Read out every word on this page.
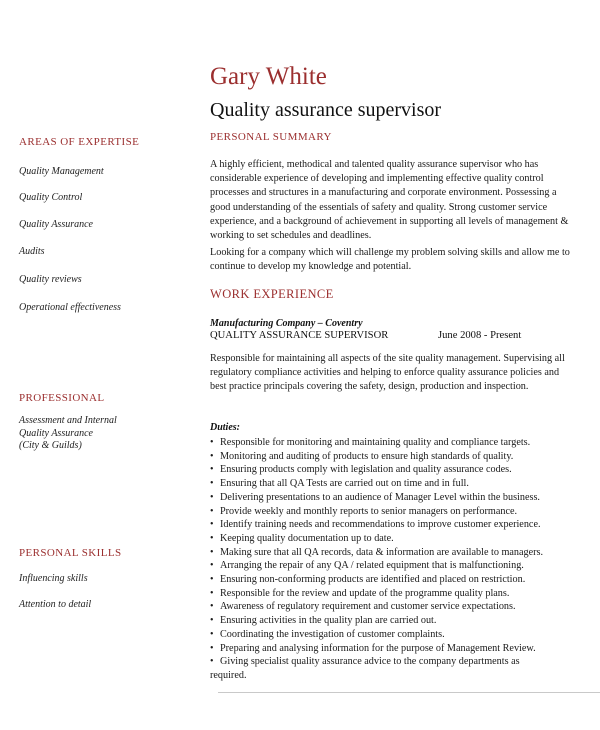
Gary White
Quality assurance supervisor
AREAS OF EXPERTISE
Quality Management
Quality Control
Quality Assurance
Audits
Quality reviews
Operational effectiveness
PROFESSIONAL
Assessment and Internal
Quality Assurance
(City & Guilds)
PERSONAL SKILLS
Influencing skills
Attention to detail
PERSONAL SUMMARY

A highly efficient, methodical and talented quality assurance supervisor who has considerable experience of developing and implementing effective quality control processes and structures in a manufacturing and corporate environment. Possessing a good understanding of the essentials of safety and quality. Strong customer service experience, and a background of achievement in supporting all levels of management & working to set schedules and deadlines.

Looking for a company which will challenge my problem solving skills and allow me to continue to develop my knowledge and potential.

WORK EXPERIENCE
Manufacturing Company – Coventry
QUALITY ASSURANCE SUPERVISOR	June 2008 - Present

Responsible for maintaining all aspects of the site quality management. Supervising all regulatory compliance activities and helping to enforce quality assurance policies and best practice principals covering the safety, design, production and inspection.

Duties:
• Responsible for monitoring and maintaining quality and compliance targets.
• Monitoring and auditing of products to ensure high standards of quality.
• Ensuring products comply with legislation and quality assurance codes.
• Ensuring that all QA Tests are carried out on time and in full.
• Delivering presentations to an audience of Manager Level within the business.
• Provide weekly and monthly reports to senior managers on performance.
• Identify training needs and recommendations to improve customer experience.
• Keeping quality documentation up to date.
• Making sure that all QA records, data & information are available to managers.
• Arranging the repair of any QA / related equipment that is malfunctioning.
• Ensuring non-conforming products are identified and placed on restriction.
• Responsible for the review and update of the programme quality plans.
• Awareness of regulatory requirement and customer service expectations.
• Ensuring activities in the quality plan are carried out.
• Coordinating the investigation of customer complaints.
• Preparing and analysing information for the purpose of Management Review.
• Giving specialist quality assurance advice to the company departments as
required.
